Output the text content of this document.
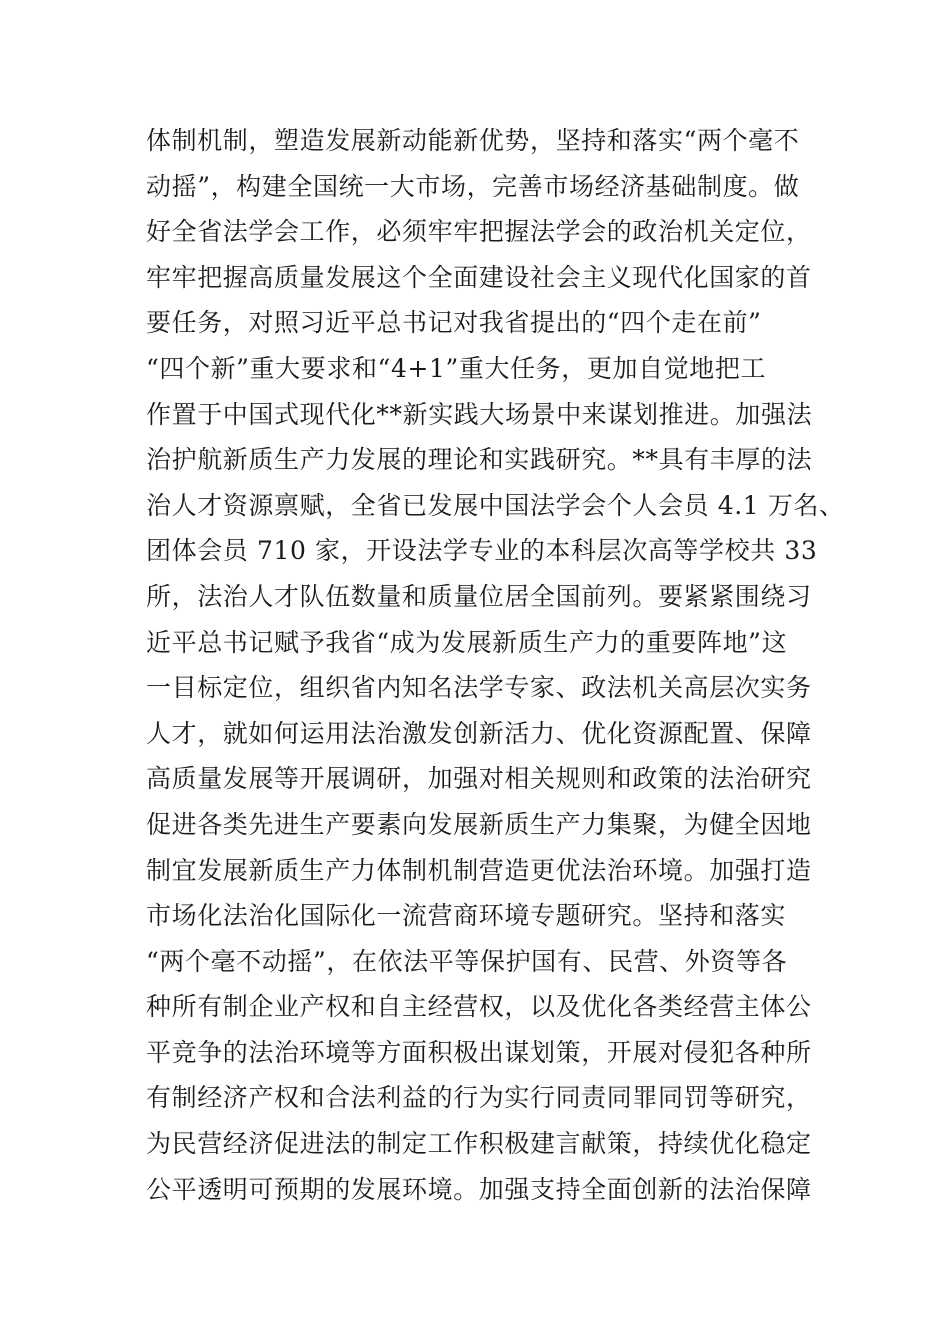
体制机制，塑造发展新动能新优势，坚持和落实“两个毫不
动摇”，构建全国统一大市场，完善市场经济基础制度。做
好全省法学会工作，必须牢牢把握法学会的政治机关定位，
牢牢把握高质量发展这个全面建设社会主义现代化国家的首
要任务，对照习近平总书记对我省提出的“四个走在前”
“四个新”重大要求和“4+1”重大任务，更加自觉地把工
作置于中国式现代化**新实践大场景中来谋划推进。加强法
治护航新质生产力发展的理论和实践研究。**具有丰厚的法
治人才资源禀赋，全省已发展中国法学会个人会员 4.1 万名、
团体会员 710 家，开设法学专业的本科层次高等学校共 33
所，法治人才队伍数量和质量位居全国前列。要紧紧围绕习
近平总书记赋予我省“成为发展新质生产力的重要阵地”这
一目标定位，组织省内知名法学专家、政法机关高层次实务
人才，就如何运用法治激发创新活力、优化资源配置、保障
高质量发展等开展调研，加强对相关规则和政策的法治研究
促进各类先进生产要素向发展新质生产力集聚，为健全因地
制宜发展新质生产力体制机制营造更优法治环境。加强打造
市场化法治化国际化一流营商环境专题研究。坚持和落实
“两个毫不动摇”，在依法平等保护国有、民营、外资等各
种所有制企业产权和自主经营权，以及优化各类经营主体公
平竞争的法治环境等方面积极出谋划策，开展对侵犯各种所
有制经济产权和合法利益的行为实行同责同罪同罚等研究，
为民营经济促进法的制定工作积极建言献策，持续优化稳定
公平透明可预期的发展环境。加强支持全面创新的法治保障
